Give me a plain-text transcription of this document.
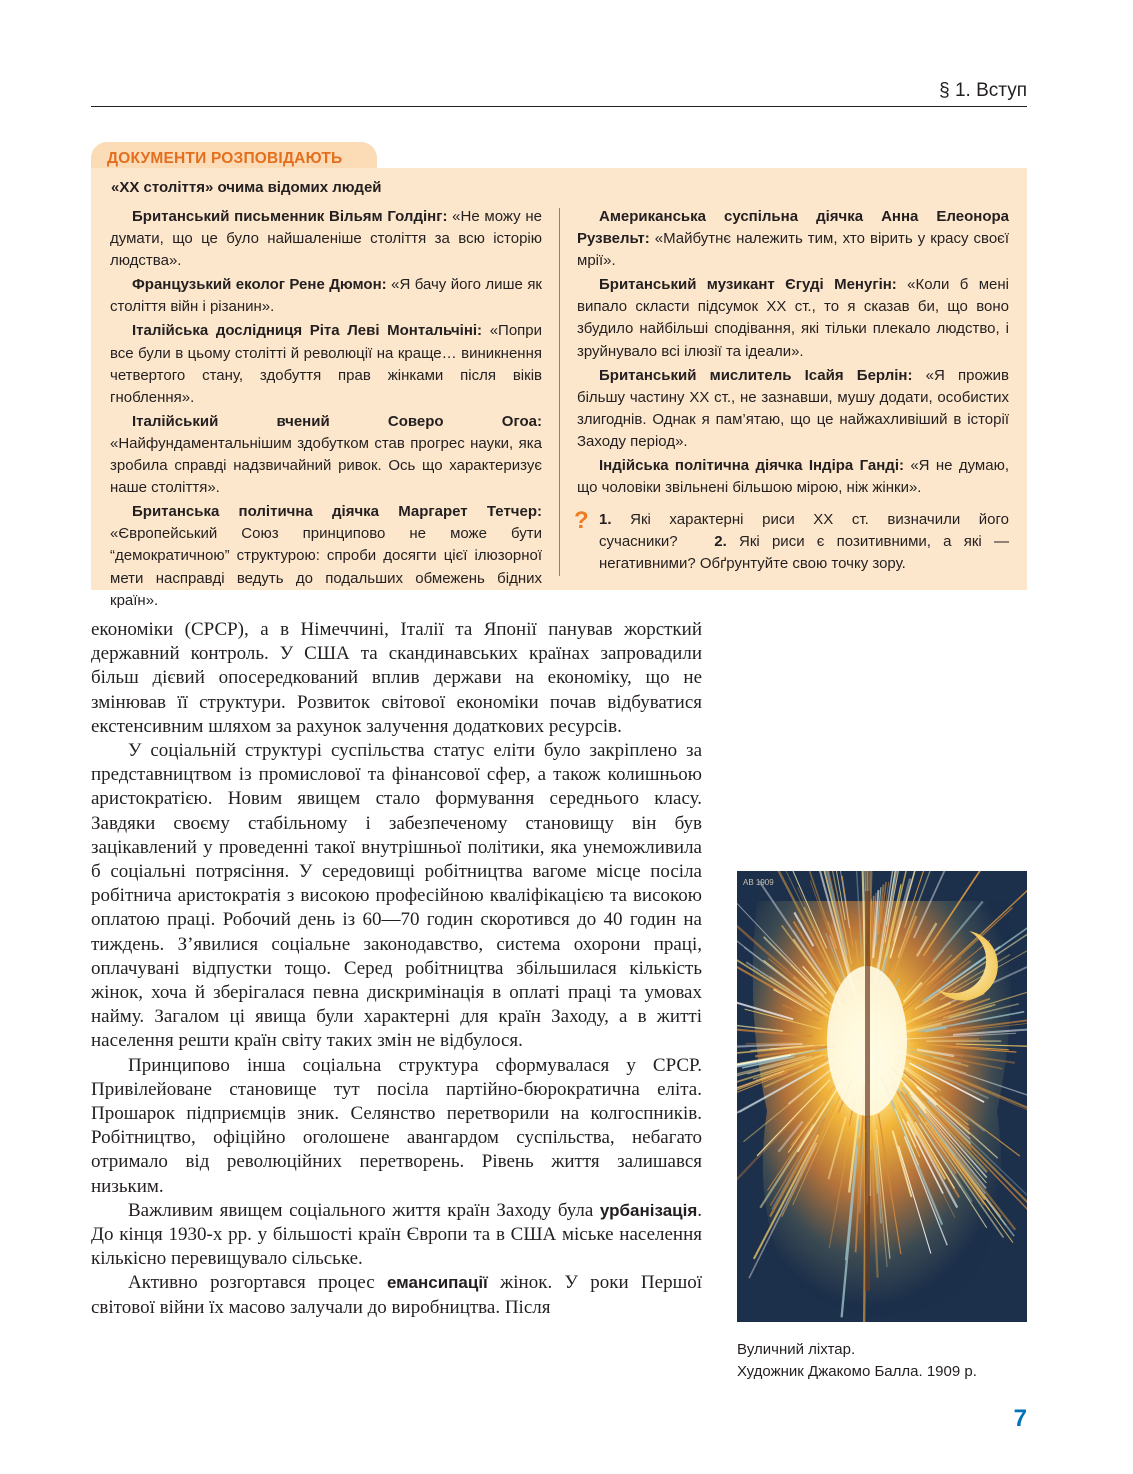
§ 1. Вступ
ДОКУМЕНТИ РОЗПОВІДАЮТЬ
«ХХ століття» очима відомих людей

Британський письменник Вільям Голдінг: «Не можу не думати, що це було найшаленіше століття за всю історію людства».

Французький еколог Рене Дюмон: «Я бачу його лише як століття війн і різанин».

Італійська дослідниця Ріта Леві Монтальчіні: «Попри все були в цьому столітті й революції на краще… виникнення четвертого стану, здобуття прав жінками після віків гноблення».

Італійський вчений Соверо Огоа: «Найфундаментальнішим здобутком став прогрес науки, яка зробила справді надзвичайний ривок. Ось що характеризує наше століття».

Британська політична діячка Маргарет Тетчер: «Європейський Союз принципово не може бути “демократичною” структурою: спроби досягти цієї ілюзорної мети насправді ведуть до подальших обмежень бідних країн».

Американська суспільна діячка Анна Елеонора Рузвельт: «Майбутнє належить тим, хто вірить у красу своєї мрії».

Британський музикант Єгуді Менугін: «Коли б мені випало скласти підсумок ХХ ст., то я сказав би, що воно збудило найбільші сподівання, які тільки плекало людство, і зруйнувало всі ілюзії та ідеали».

Британський мислитель Ісайя Берлін: «Я прожив більшу частину ХХ ст., не зазнавши, мушу додати, особистих злигоднів. Однак я пам’ятаю, що це найжахливіший в історії Заходу період».

Індійська політична діячка Індіра Ганді: «Я не думаю, що чоловіки звільнені більшою мірою, ніж жінки».

? 1. Які характерні риси ХХ ст. визначили його сучасники? 2. Які риси є позитивними, а які — негативними? Обґрунтуйте свою точку зору.

економіки (СРСР), а в Німеччині, Італії та Японії панував жорсткий державний контроль. У США та скандинавських країнах запровадили більш дієвий опосередкований вплив держави на економіку, що не змінював її структури. Розвиток світової економіки почав відбуватися екстенсивним шляхом за рахунок залучення додаткових ресурсів.

У соціальній структурі суспільства статус еліти було закріплено за представництвом із промислової та фінансової сфер, а також колишньою аристократією. Новим явищем стало формування середнього класу. Завдяки своєму стабільному і забезпеченому становищу він був зацікавлений у проведенні такої внутрішньої політики, яка унеможливила б соціальні потрясіння. У середовищі робітництва вагоме місце посіла робітнича аристократія з високою професійною кваліфікацією та високою оплатою праці. Робочий день із 60—70 годин скоротився до 40 годин на тиждень. З’явилися соціальне законодавство, система охорони праці, оплачувані відпустки тощо. Серед робітництва збільшилася кількість жінок, хоча й зберігалася певна дискримінація в оплаті праці та умовах найму. Загалом ці явища були характерні для країн Заходу, а в житті населення решти країн світу таких змін не відбулося.

Принципово інша соціальна структура сформувалася у СРСР. Привілейоване становище тут посіла партійно-бюрократична еліта. Прошарок підприємців зник. Селянство перетворили на колгоспників. Робітництво, офіційно оголошене авангардом суспільства, небагато отримало від революційних перетворень. Рівень життя залишався низьким.

Важливим явищем соціального життя країн Заходу була урбанізація. До кінця 1930-х рр. у більшості країн Європи та в США міське населення кількісно перевищувало сільське.

Активно розгортався процес емансипації жінок. У роки Першої світової війни їх масово залучали до виробництва. Після

AB 1909
Вуличний ліхтар.
Художник Джакомо Балла. 1909 р.
7
